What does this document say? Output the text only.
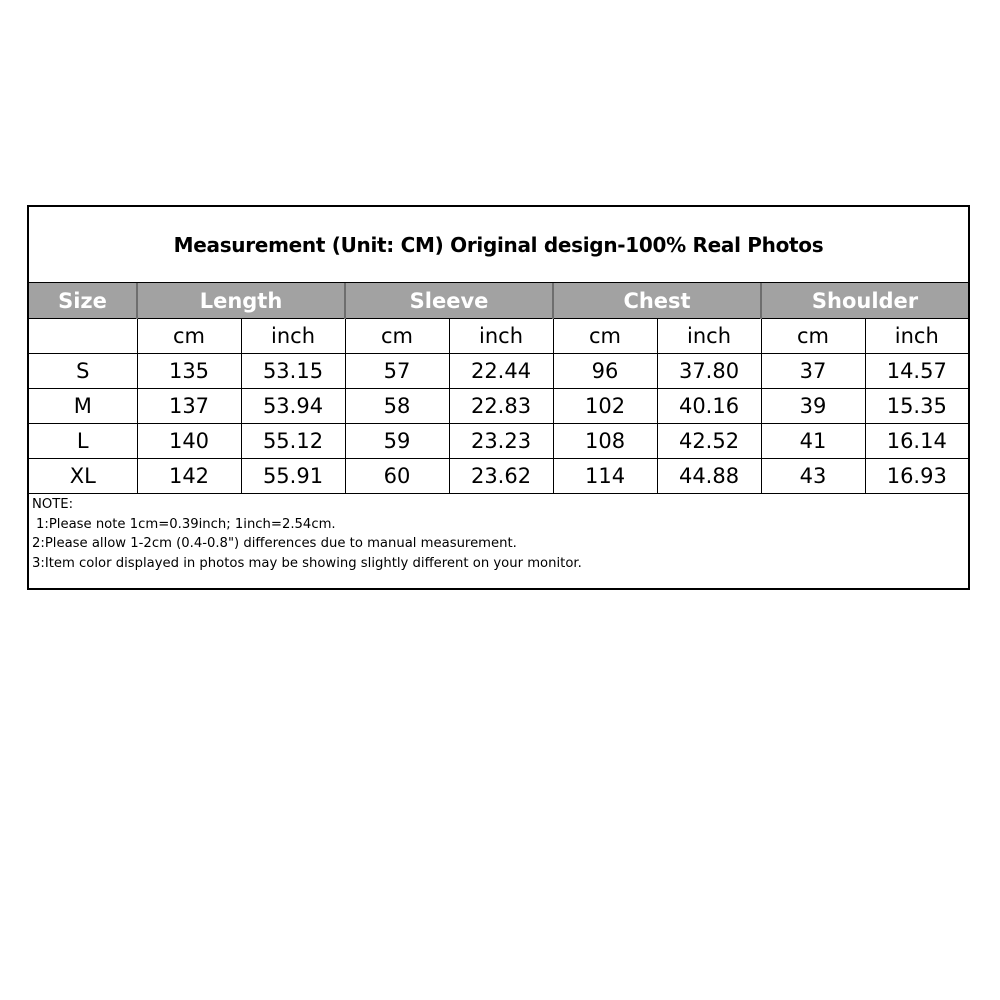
Measurement (Unit: CM) Original design-100% Real Photos
Size	Length		Sleeve		Chest		Shoulder	
	cm	inch	cm	inch	cm	inch	cm	inch
S	135	53.15	57	22.44	96	37.80	37	14.57
M	137	53.94	58	22.83	102	40.16	39	15.35
L	140	55.12	59	23.23	108	42.52	41	16.14
XL	142	55.91	60	23.62	114	44.88	43	16.93
NOTE:
1:Please note 1cm=0.39inch; 1inch=2.54cm.
2:Please allow 1-2cm (0.4-0.8") differences due to manual measurement.
3:Item color displayed in photos may be showing slightly different on your monitor.
